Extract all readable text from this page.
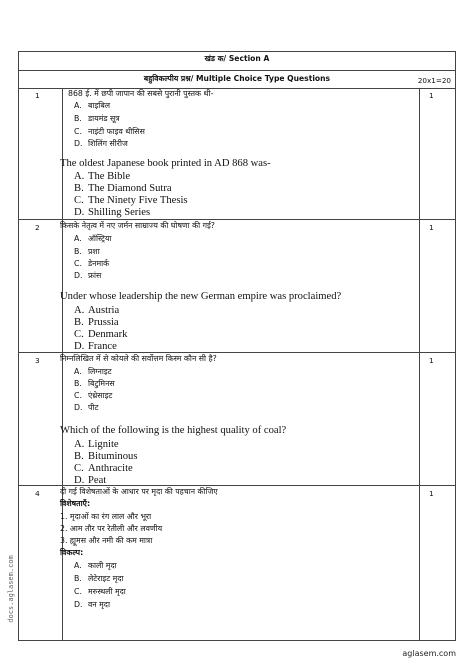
खंड क/ Section A
बहुविकल्पीय प्रश्न/ Multiple Choice Type Questions	20x1=20
1	1
868 ई. में छपी जापान की सबसे पुरानी पुस्तक थी-
A. बाइबिल
B. डायमंड सूत्र
C. नाइंटी फाइव थीसिस
D. शिलिंग सीरीज
The oldest Japanese book printed in AD 868 was-
A. The Bible
B. The Diamond Sutra
C. The Ninety Five Thesis
D. Shilling Series
2	1
किसके नेतृत्व में नए जर्मन साम्राज्य की घोषणा की गई?
A. ऑस्ट्रिया
B. प्रशा
C. डेनमार्क
D. फ्रांस
Under whose leadership the new German empire was proclaimed?
A. Austria
B. Prussia
C. Denmark
D. France
3	1
निम्नलिखित में से कोयले की सर्वोत्तम किस्म कौन सी है?
A. लिग्नाइट
B. बिटुमिनस
C. एंथ्रेसाइट
D. पीट
Which of the following is the highest quality of coal?
A. Lignite
B. Bituminous
C. Anthracite
D. Peat
4	1
दी गई विशेषताओं के आधार पर मृदा की पहचान कीजिए
विशेषताएँ:
1. मृदाओं का रंग लाल और भूरा
2. आम तौर पर रेतीली और लवणीय
3. ह्यूमस और नमी की कम मात्रा
विकल्प:
A. काली मृदा
B. लेटेराइट मृदा
C. मरुस्थली मृदा
D. वन मृदा
docs.aglasem.com
aglasem.com
